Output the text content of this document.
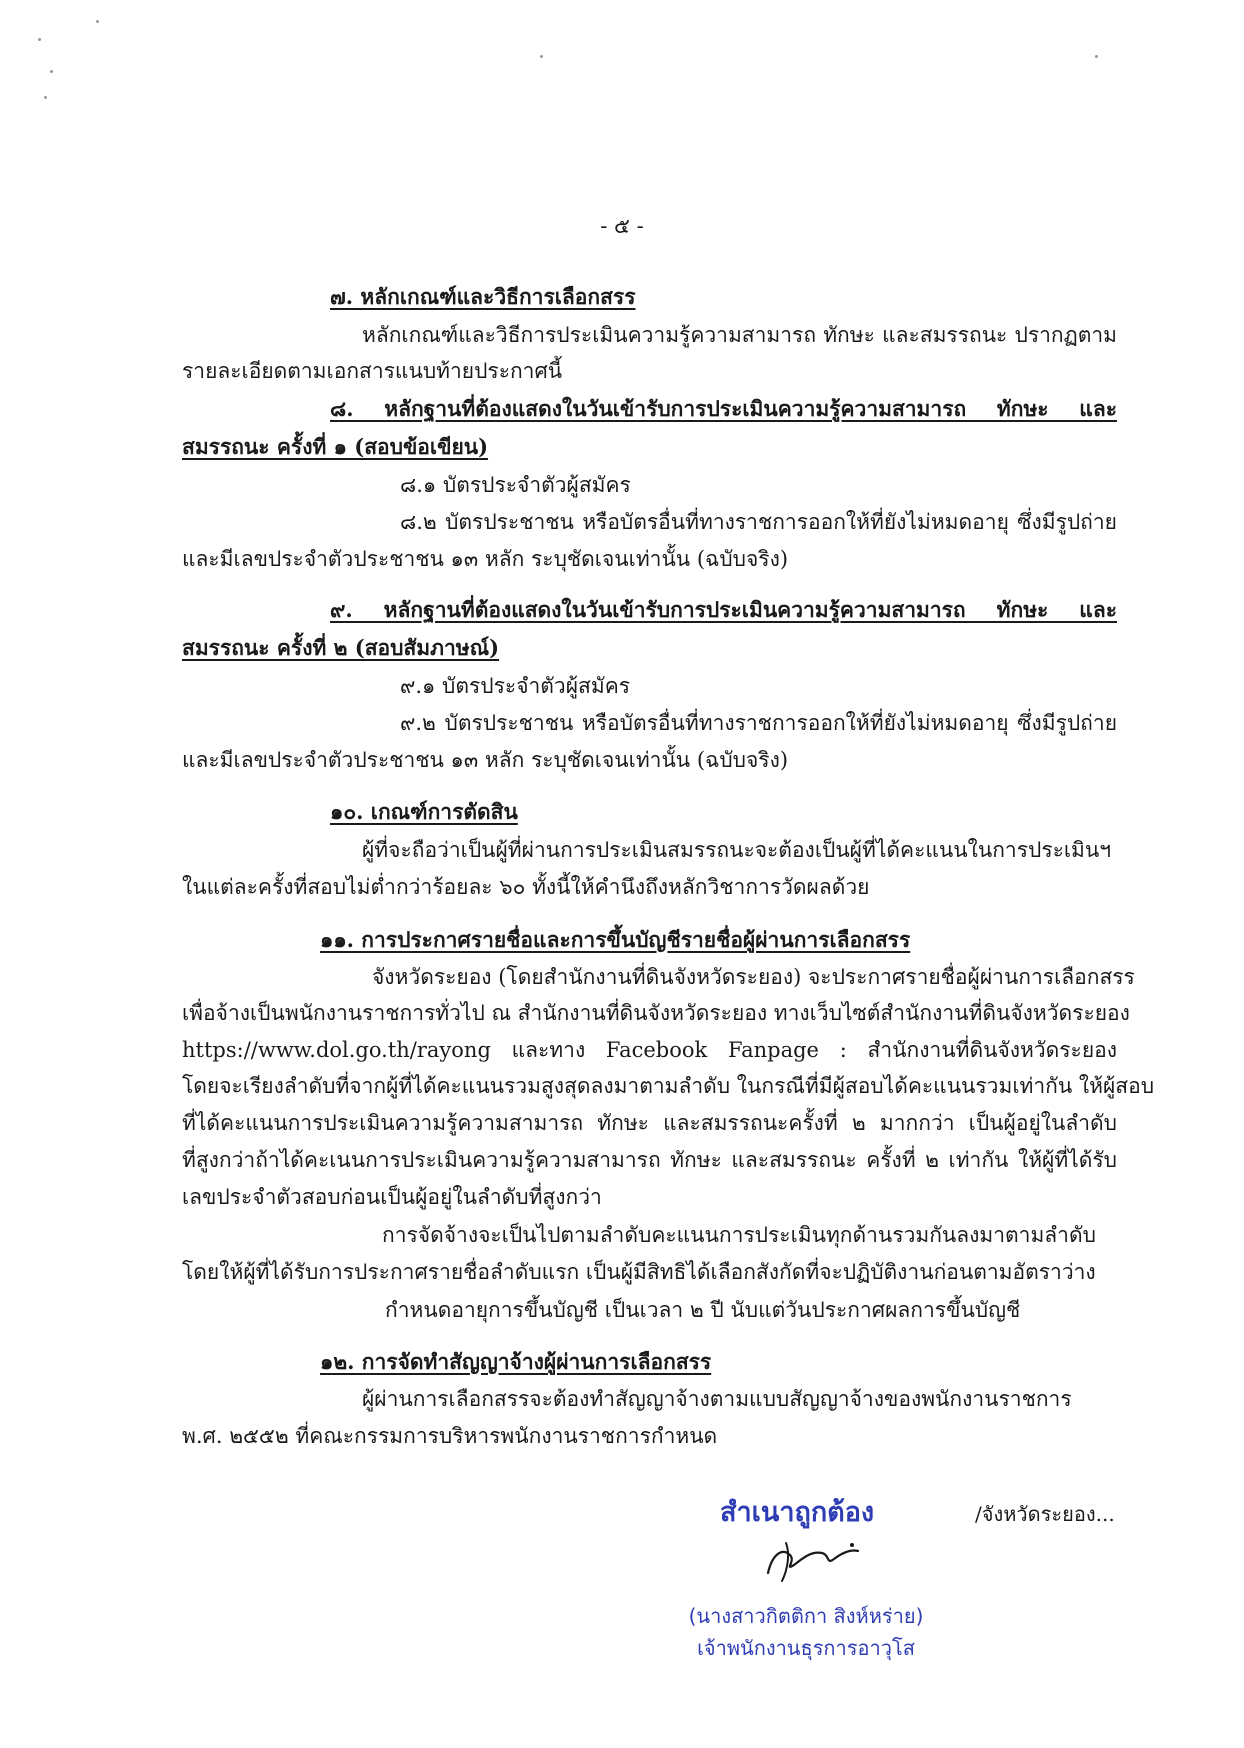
- ๕ -
๗. หลักเกณฑ์และวิธีการเลือกสรร
หลักเกณฑ์และวิธีการประเมินความรู้ความสามารถ ทักษะ และสมรรถนะ ปรากฏตาม
รายละเอียดตามเอกสารแนบท้ายประกาศนี้
๘. หลักฐานที่ต้องแสดงในวันเข้ารับการประเมินความรู้ความสามารถ ทักษะ และ
สมรรถนะ ครั้งที่ ๑ (สอบข้อเขียน)
๘.๑ บัตรประจำตัวผู้สมัคร
๘.๒ บัตรประชาชน หรือบัตรอื่นที่ทางราชการออกให้ที่ยังไม่หมดอายุ ซึ่งมีรูปถ่าย
และมีเลขประจำตัวประชาชน ๑๓ หลัก ระบุชัดเจนเท่านั้น (ฉบับจริง)
๙. หลักฐานที่ต้องแสดงในวันเข้ารับการประเมินความรู้ความสามารถ ทักษะ และ
สมรรถนะ ครั้งที่ ๒ (สอบสัมภาษณ์)
๙.๑ บัตรประจำตัวผู้สมัคร
๙.๒ บัตรประชาชน หรือบัตรอื่นที่ทางราชการออกให้ที่ยังไม่หมดอายุ ซึ่งมีรูปถ่าย
และมีเลขประจำตัวประชาชน ๑๓ หลัก ระบุชัดเจนเท่านั้น (ฉบับจริง)
๑๐. เกณฑ์การตัดสิน
ผู้ที่จะถือว่าเป็นผู้ที่ผ่านการประเมินสมรรถนะจะต้องเป็นผู้ที่ได้คะแนนในการประเมินฯ
ในแต่ละครั้งที่สอบไม่ต่ำกว่าร้อยละ ๖๐ ทั้งนี้ให้คำนึงถึงหลักวิชาการวัดผลด้วย
๑๑. การประกาศรายชื่อและการขึ้นบัญชีรายชื่อผู้ผ่านการเลือกสรร
จังหวัดระยอง (โดยสำนักงานที่ดินจังหวัดระยอง) จะประกาศรายชื่อผู้ผ่านการเลือกสรร
เพื่อจ้างเป็นพนักงานราชการทั่วไป ณ สำนักงานที่ดินจังหวัดระยอง ทางเว็บไซต์สำนักงานที่ดินจังหวัดระยอง
https://www.dol.go.th/rayong และทาง Facebook Fanpage : สำนักงานที่ดินจังหวัดระยอง
โดยจะเรียงลำดับที่จากผู้ที่ได้คะแนนรวมสูงสุดลงมาตามลำดับ ในกรณีที่มีผู้สอบได้คะแนนรวมเท่ากัน ให้ผู้สอบ
ที่ได้คะแนนการประเมินความรู้ความสามารถ ทักษะ และสมรรถนะครั้งที่ ๒ มากกว่า เป็นผู้อยู่ในลำดับ
ที่สูงกว่าถ้าได้คะเนนการประเมินความรู้ความสามารถ ทักษะ และสมรรถนะ ครั้งที่ ๒ เท่ากัน ให้ผู้ที่ได้รับ
เลขประจำตัวสอบก่อนเป็นผู้อยู่ในลำดับที่สูงกว่า
การจัดจ้างจะเป็นไปตามลำดับคะแนนการประเมินทุกด้านรวมกันลงมาตามลำดับ
โดยให้ผู้ที่ได้รับการประกาศรายชื่อลำดับแรก เป็นผู้มีสิทธิได้เลือกสังกัดที่จะปฏิบัติงานก่อนตามอัตราว่าง
กำหนดอายุการขึ้นบัญชี เป็นเวลา ๒ ปี นับแต่วันประกาศผลการขึ้นบัญชี
๑๒. การจัดทำสัญญาจ้างผู้ผ่านการเลือกสรร
ผู้ผ่านการเลือกสรรจะต้องทำสัญญาจ้างตามแบบสัญญาจ้างของพนักงานราชการ
พ.ศ. ๒๕๕๒ ที่คณะกรรมการบริหารพนักงานราชการกำหนด
สำเนาถูกต้อง	/จังหวัดระยอง...
(นางสาวกิตติกา สิงห์หร่าย)
เจ้าพนักงานธุรการอาวุโส
